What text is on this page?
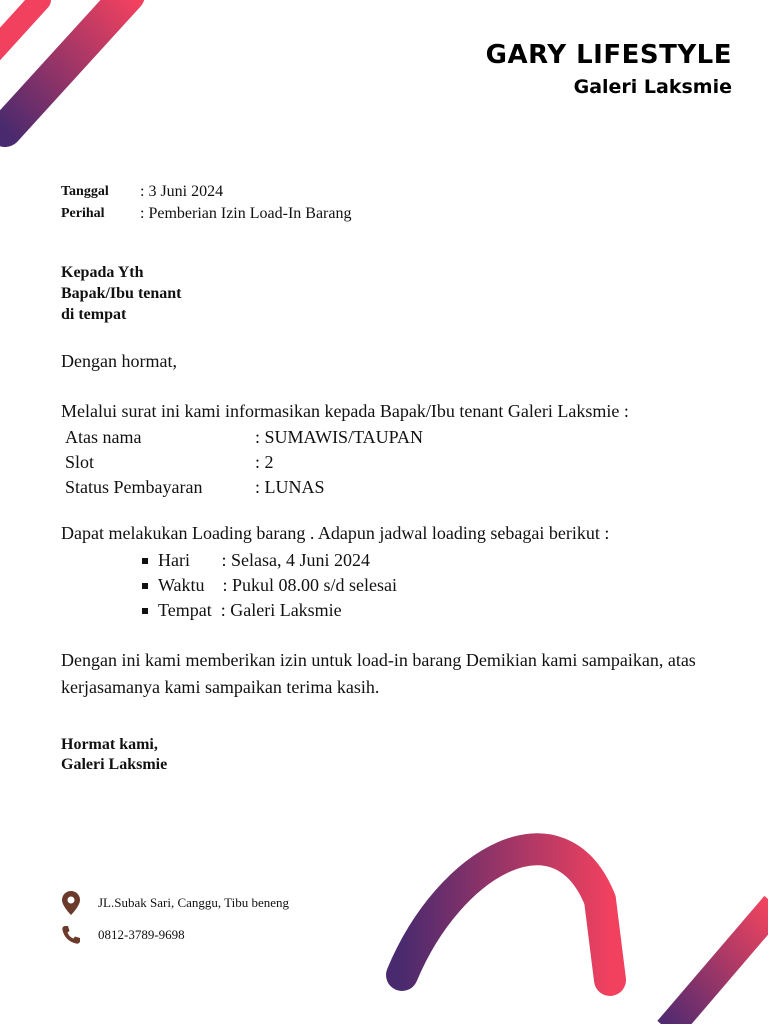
GARY LIFESTYLE
Galeri Laksmie
Tanggal	: 3 Juni 2024
Perihal	: Pemberian Izin Load-In Barang
Kepada Yth
Bapak/Ibu tenant
di tempat
Dengan hormat,
Melalui surat ini kami informasikan kepada Bapak/Ibu tenant Galeri Laksmie :
Atas nama	: SUMAWIS/TAUPAN
Slot	: 2
Status Pembayaran	: LUNAS
Dapat melakukan Loading barang . Adapun jadwal loading sebagai berikut :
Hari       : Selasa, 4 Juni 2024
Waktu    : Pukul 08.00 s/d selesai
Tempat  : Galeri Laksmie
Dengan ini kami memberikan izin untuk load-in barang Demikian kami sampaikan, atas kerjasamanya kami sampaikan terima kasih.
Hormat kami,
Galeri Laksmie
JL.Subak Sari, Canggu, Tibu beneng
0812-3789-9698
